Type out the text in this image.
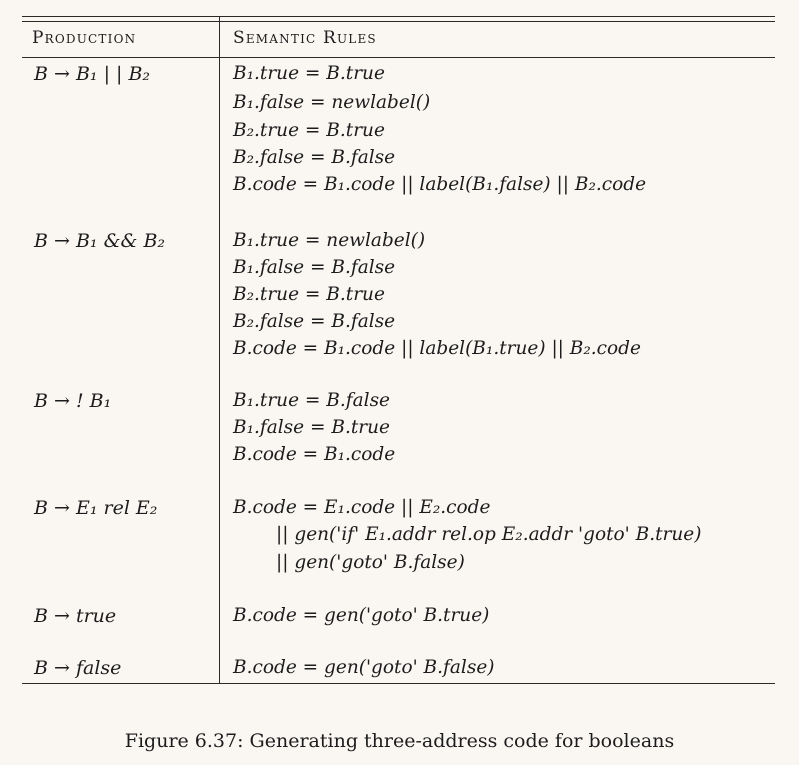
Production	Semantic Rules
B → B₁ | | B₂	B₁.true = B.true
B₁.false = newlabel()
B₂.true = B.true
B₂.false = B.false
B.code = B₁.code || label(B₁.false) || B₂.code
B → B₁ && B₂	B₁.true = newlabel()
B₁.false = B.false
B₂.true = B.true
B₂.false = B.false
B.code = B₁.code || label(B₁.true) || B₂.code
B → ! B₁	B₁.true = B.false
B₁.false = B.true
B.code = B₁.code
B → E₁ rel E₂	B.code = E₁.code || E₂.code
|| gen('if' E₁.addr rel.op E₂.addr 'goto' B.true)
|| gen('goto' B.false)
B → true	B.code = gen('goto' B.true)
B → false	B.code = gen('goto' B.false)
Figure 6.37: Generating three-address code for booleans
